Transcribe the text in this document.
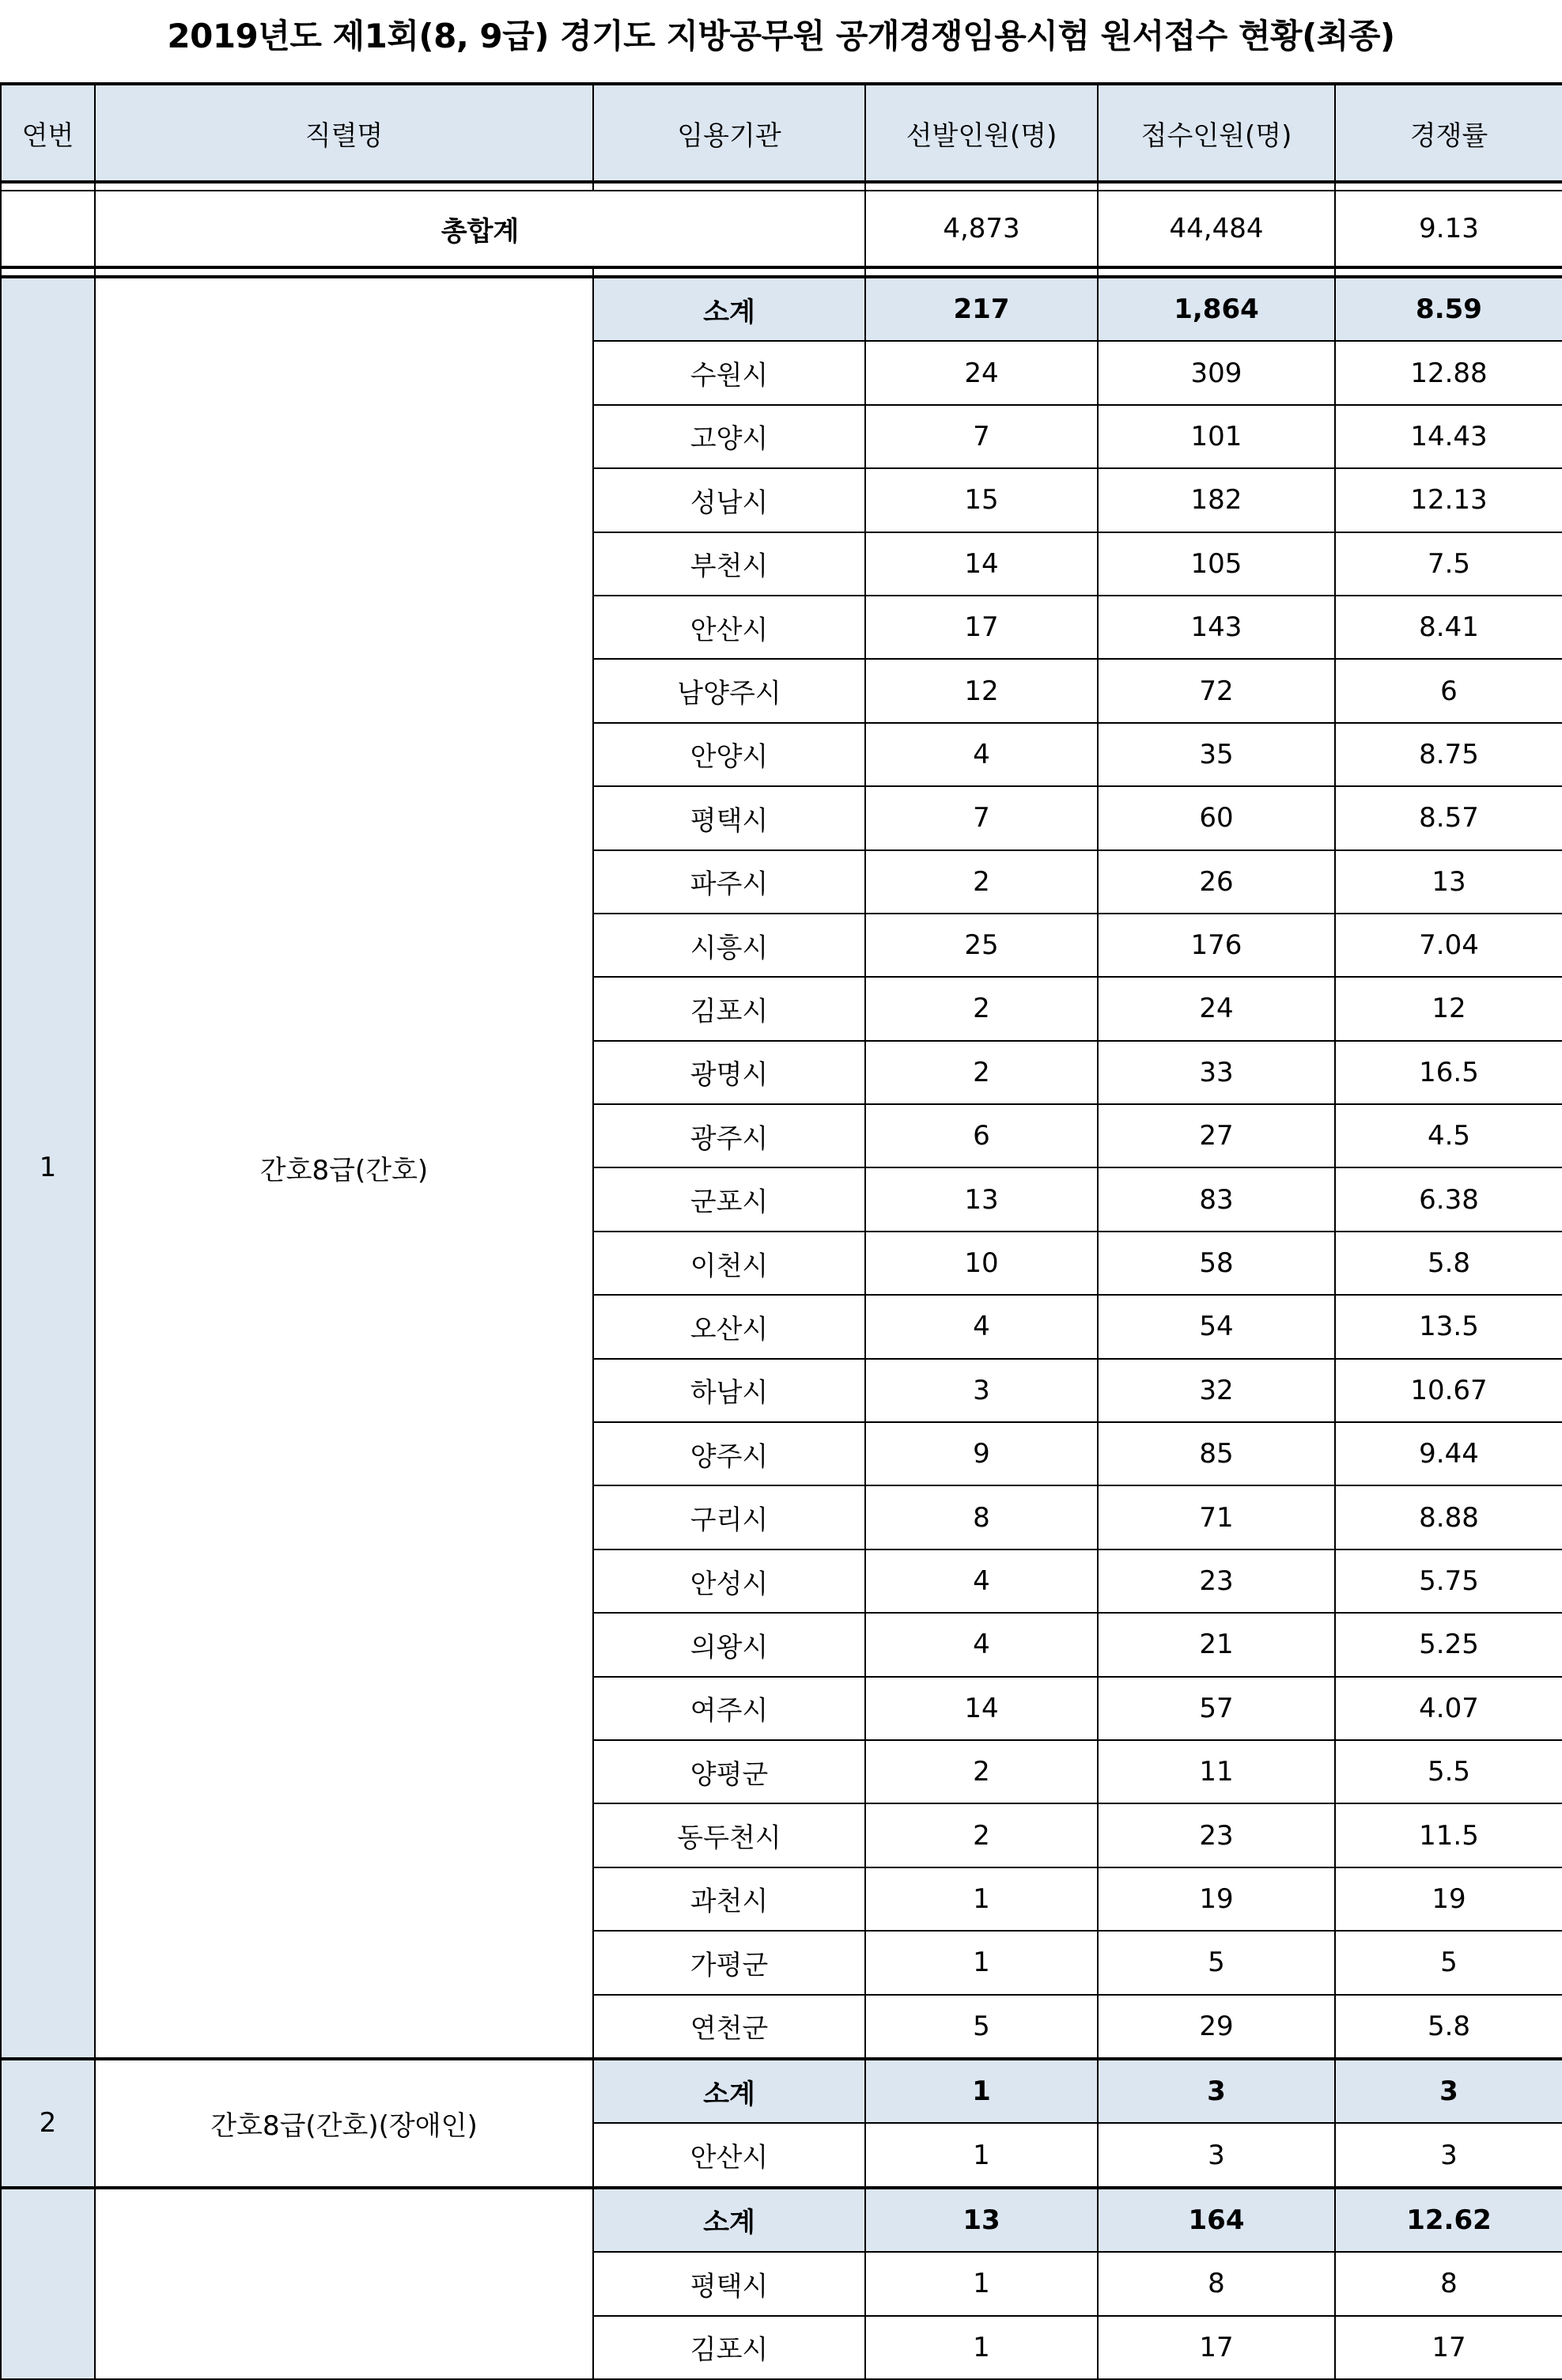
2019년도 제1회(8, 9급) 경기도 지방공무원 공개경쟁임용시험 원서접수 현황(최종)
연번	직렬명	임용기관	선발인원(명)	접수인원(명)	경쟁률

	총합계		4,873	44,484	9.13

1	간호8급(간호)	소계	217	1,864	8.59
		수원시	24	309	12.88
		고양시	7	101	14.43
		성남시	15	182	12.13
		부천시	14	105	7.5
		안산시	17	143	8.41
		남양주시	12	72	6
		안양시	4	35	8.75
		평택시	7	60	8.57
		파주시	2	26	13
		시흥시	25	176	7.04
		김포시	2	24	12
		광명시	2	33	16.5
		광주시	6	27	4.5
		군포시	13	83	6.38
		이천시	10	58	5.8
		오산시	4	54	13.5
		하남시	3	32	10.67
		양주시	9	85	9.44
		구리시	8	71	8.88
		안성시	4	23	5.75
		의왕시	4	21	5.25
		여주시	14	57	4.07
		양평군	2	11	5.5
		동두천시	2	23	11.5
		과천시	1	19	19
		가평군	1	5	5
		연천군	5	29	5.8
2	간호8급(간호)(장애인)	소계	1	3	3
		안산시	1	3	3
		소계	13	164	12.62
		평택시	1	8	8
		김포시	1	17	17
